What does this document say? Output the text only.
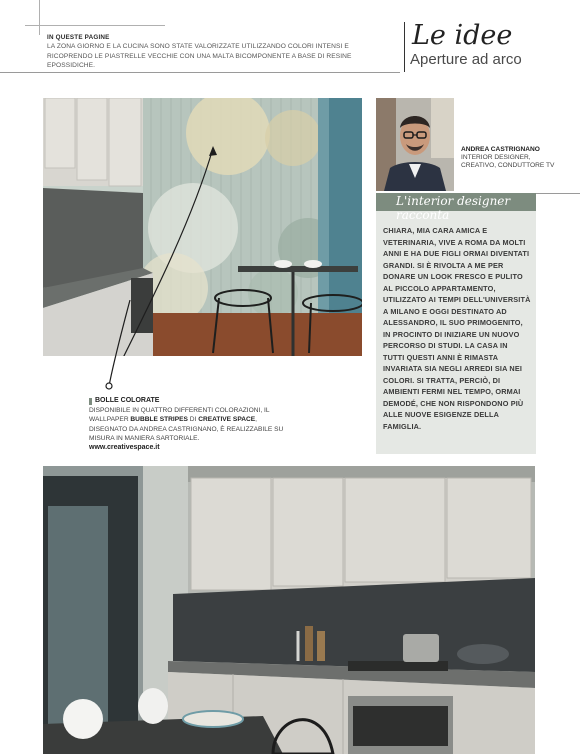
IN QUESTE PAGINE
LA ZONA GIORNO E LA CUCINA SONO STATE VALORIZZATE UTILIZZANDO COLORI INTENSI E RICOPRENDO LE PIASTRELLE VECCHIE CON UNA MALTA BICOMPONENTE A BASE DI RESINE EPOSSIDICHE.
Le idee
Aperture ad arco
BOLLE COLORATE
DISPONIBILE IN QUATTRO DIFFERENTI COLORAZIONI, IL WALLPAPER BUBBLE STRIPES DI CREATIVE SPACE, DISEGNATO DA ANDREA CASTRIGNANO, È REALIZZABILE SU MISURA IN MANIERA SARTORIALE.
www.creativespace.it
ANDREA CASTRIGNANO INTERIOR DESIGNER, CREATIVO, CONDUTTORE TV
L'interior designer racconta
CHIARA, MIA CARA AMICA E VETERINARIA, VIVE A ROMA DA MOLTI ANNI E HA DUE FIGLI ORMAI DIVENTATI GRANDI. SI È RIVOLTA A ME PER DONARE UN LOOK FRESCO E PULITO AL PICCOLO APPARTAMENTO, UTILIZZATO AI TEMPI DELL'UNIVERSITÀ A MILANO E OGGI DESTINATO AD ALESSANDRO, IL SUO PRIMOGENITO, IN PROCINTO DI INIZIARE UN NUOVO PERCORSO DI STUDI. LA CASA IN TUTTI QUESTI ANNI È RIMASTA INVARIATA SIA NEGLI ARREDI SIA NEI COLORI. SI TRATTA, PERCIÒ, DI AMBIENTI FERMI NEL TEMPO, ORMAI DEMODÉ, CHE NON RISPONDONO PIÙ ALLE NUOVE ESIGENZE DELLA FAMIGLIA.
